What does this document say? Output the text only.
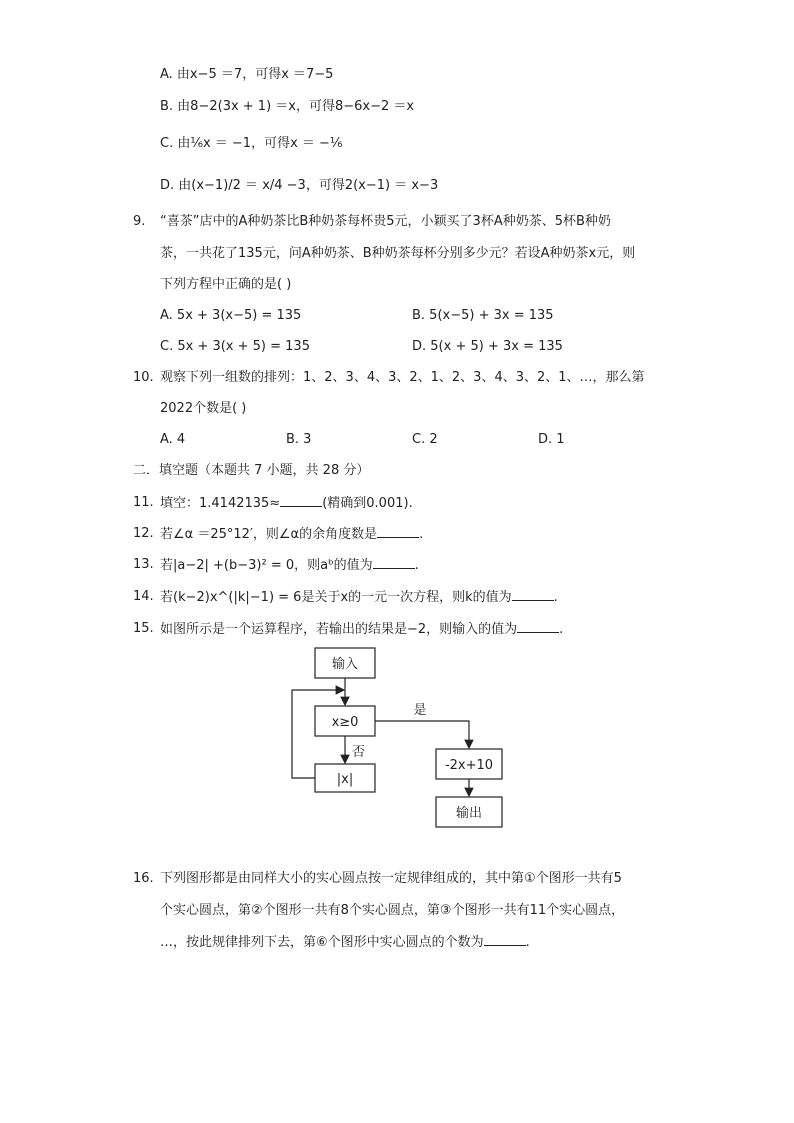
A. 由x−5 ＝7，可得x ＝7−5
B. 由8−2(3x + 1) ＝x，可得8−6x−2 ＝x
C. 由⅙x ＝ −1，可得x ＝ −⅙
D. 由(x−1)/2 ＝ x/4 −3，可得2(x−1) ＝ x−3
9. “喜茶”店中的A种奶茶比B种奶茶每杯贵5元，小颖买了3杯A种奶茶、5杯B种奶
茶，一共花了135元，问A种奶茶、B种奶茶每杯分别多少元？若设A种奶茶x元，则
下列方程中正确的是( )
A. 5x + 3(x−5) = 135	B. 5(x−5) + 3x = 135
C. 5x + 3(x + 5) = 135	D. 5(x + 5) + 3x = 135
10. 观察下列一组数的排列：1、2、3、4、3、2、1、2、3、4、3、2、1、…，那么第
2022个数是( )
A. 4	B. 3	C. 2	D. 1
二．填空题（本题共 7 小题，共 28 分）
11. 填空：1.4142135≈	(精确到0.001).
12. 若∠α ＝25°12′，则∠α的余角度数是	.
13. 若|a−2| +(b−3)² = 0，则aᵇ的值为	.
14. 若(k−2)x^(|k|−1) = 6是关于x的一元一次方程，则k的值为	.
15. 如图所示是一个运算程序，若输出的结果是−2，则输入的值为	.
输入
x≥0
是
否
|x|
-2x+10
输出
16. 下列图形都是由同样大小的实心圆点按一定规律组成的，其中第①个图形一共有5
个实心圆点，第②个图形一共有8个实心圆点，第③个图形一共有11个实心圆点，
…，按此规律排列下去，第⑥个图形中实心圆点的个数为	.
